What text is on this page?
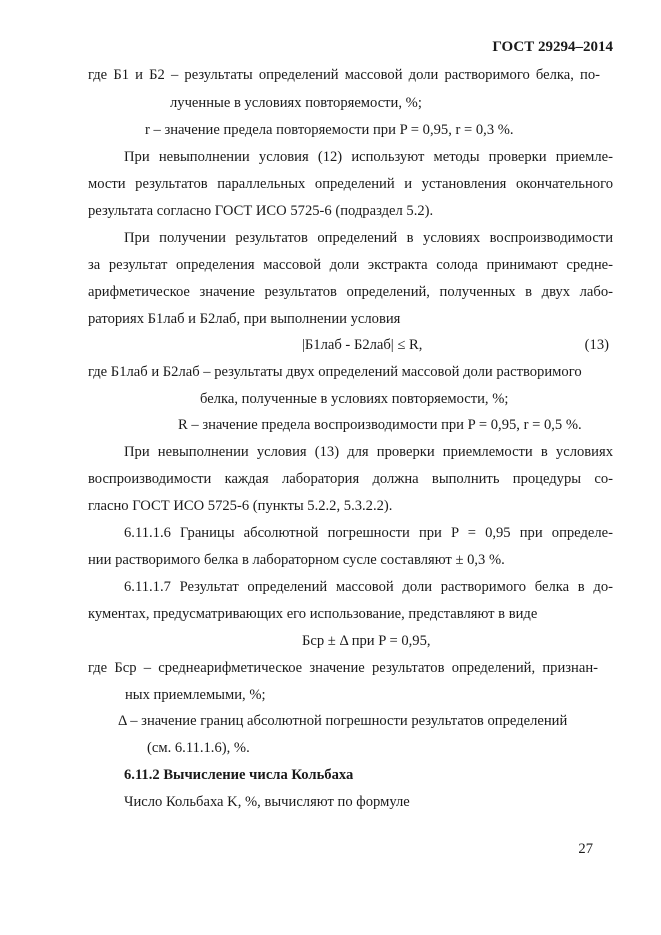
ГОСТ 29294–2014
где Б1 и Б2 – результаты определений массовой доли растворимого белка, по-
лученные в условиях повторяемости, %;
r – значение предела повторяемости при P = 0,95, r = 0,3 %.
При невыполнении условия (12) используют методы проверки приемле-
мости результатов параллельных определений и установления окончательного
результата согласно ГОСТ ИСО 5725-6 (подраздел 5.2).
При получении результатов определений в условиях воспроизводимости
за результат определения массовой доли экстракта солода принимают средне-
арифметическое значение результатов определений, полученных в двух лабо-
раториях Б1лаб и Б2лаб, при выполнении условия
|Б1лаб - Б2лаб| ≤ R,	(13)
где Б1лаб и Б2лаб – результаты двух определений массовой доли растворимого
белка, полученные в условиях повторяемости, %;
R – значение предела воспроизводимости при P = 0,95, r = 0,5 %.
При невыполнении условия (13) для проверки приемлемости в условиях
воспроизводимости каждая лаборатория должна выполнить процедуры со-
гласно ГОСТ ИСО 5725-6 (пункты 5.2.2, 5.3.2.2).
6.11.1.6 Границы абсолютной погрешности при P = 0,95 при определе-
нии растворимого белка в лабораторном сусле составляют ± 0,3 %.
6.11.1.7 Результат определений массовой доли растворимого белка в до-
кументах, предусматривающих его использование, представляют в виде
Бср ± Δ при P = 0,95,
где Бср – среднеарифметическое значение результатов определений, признан-
ных приемлемыми, %;
Δ – значение границ абсолютной погрешности результатов определений
(см. 6.11.1.6), %.
6.11.2 Вычисление числа Кольбаха
Число Кольбаха K, %, вычисляют по формуле
27
